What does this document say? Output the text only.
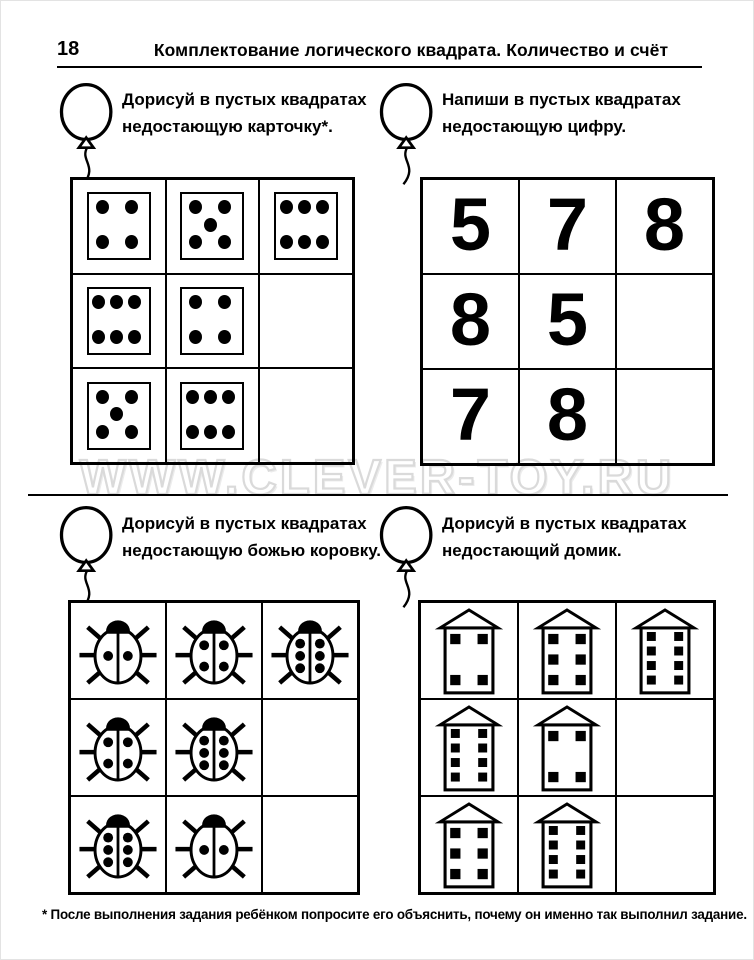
18	Комплектование логического квадрата. Количество и счёт
Дорисуй в пустых квадратах
недостающую карточку*.
Напиши в пустых квадратах
недостающую цифру.
5 7 8
8 5
7 8
WWW.CLEVER-TOY.RU
Дорисуй в пустых квадратах
недостающую божью коровку.
Дорисуй в пустых квадратах
недостающий домик.
* После выполнения задания ребёнком попросите его объяснить, почему он именно так выполнил задание.
